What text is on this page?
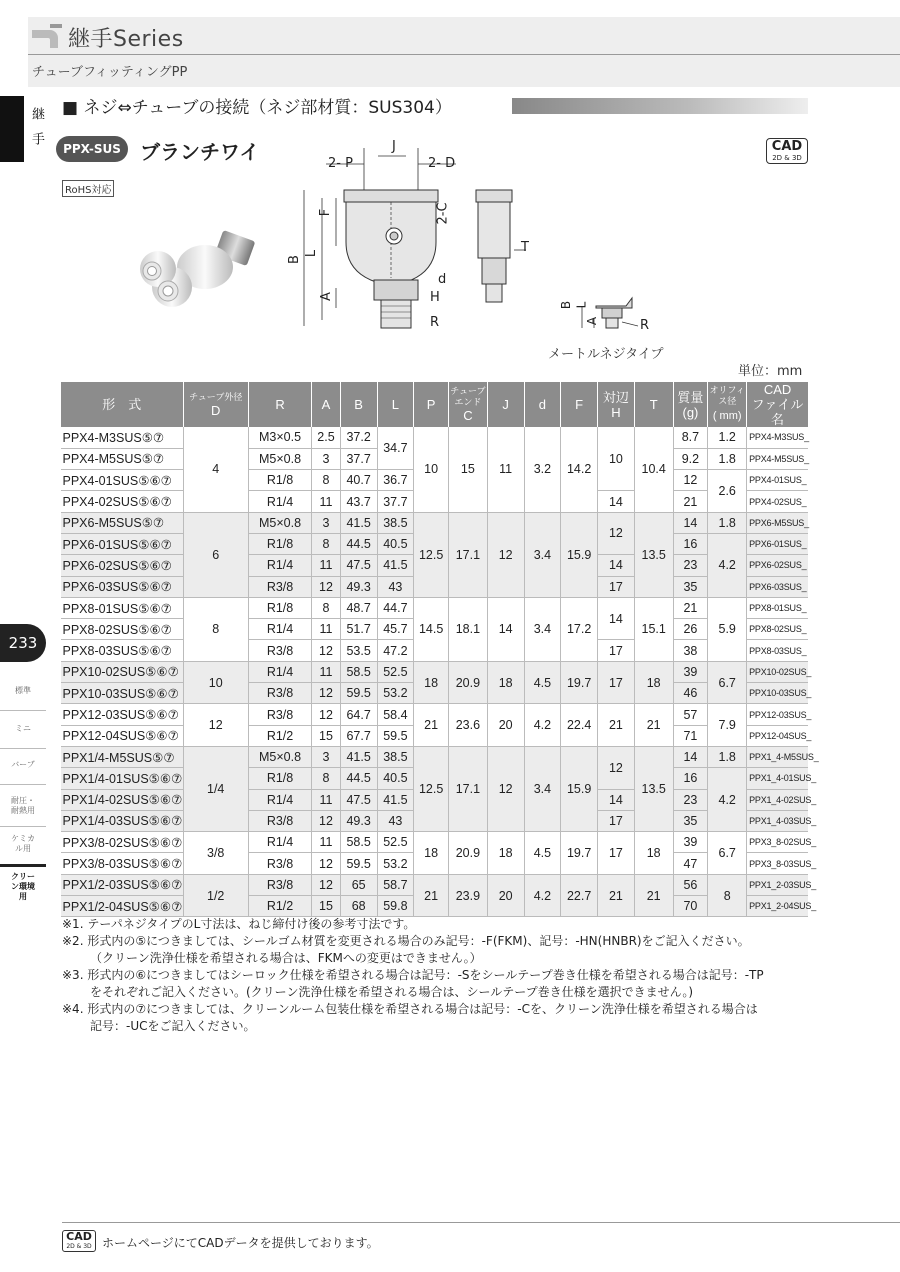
継手Series
チューブフィッティングPP
継手
233
標準
ミニ
バーブ
耐圧・耐熱用
ケミカル用
クリーン環境用
■ ネジ⇔チューブの接続（ネジ部材質：SUS304）
PPX-SUS ブランチワイ
RoHS対応
CAD
2D & 3D
2- P
J
2- D
F	2-C
B
L
A
d
H
R
T
B L
A	R
メートルネジタイプ
単位：mm
形　式	チューブ外径
D	R	A	B	L	P	チューブエンド
C	J	d	F	対辺
H	T	質量
(g)	オリフィス径
( mm)	CAD
ファイル名
PPX4-M3SUS⑤⑦	4	M3×0.5	2.5	37.2	34.7	10	15	11	3.2	14.2	10	10.4	8.7	1.2	PPX4-M3SUS_
PPX4-M5SUS⑤⑦		M5×0.8	3	37.7									9.2	1.8	PPX4-M5SUS_
PPX4-01SUS⑤⑥⑦		R1/8	8	40.7	36.7								12	2.6	PPX4-01SUS_
PPX4-02SUS⑤⑥⑦		R1/4	11	43.7	37.7						14		21		PPX4-02SUS_
PPX6-M5SUS⑤⑦	6	M5×0.8	3	41.5	38.5	12.5	17.1	12	3.4	15.9	12	13.5	14	1.8	PPX6-M5SUS_
PPX6-01SUS⑤⑥⑦		R1/8	8	44.5	40.5								16	4.2	PPX6-01SUS_
PPX6-02SUS⑤⑥⑦		R1/4	11	47.5	41.5						14		23		PPX6-02SUS_
PPX6-03SUS⑤⑥⑦		R3/8	12	49.3	43						17		35		PPX6-03SUS_
PPX8-01SUS⑤⑥⑦	8	R1/8	8	48.7	44.7	14.5	18.1	14	3.4	17.2	14	15.1	21	5.9	PPX8-01SUS_
PPX8-02SUS⑤⑥⑦		R1/4	11	51.7	45.7								26		PPX8-02SUS_
PPX8-03SUS⑤⑥⑦		R3/8	12	53.5	47.2						17		38		PPX8-03SUS_
PPX10-02SUS⑤⑥⑦	10	R1/4	11	58.5	52.5	18	20.9	18	4.5	19.7	17	18	39	6.7	PPX10-02SUS_
PPX10-03SUS⑤⑥⑦		R3/8	12	59.5	53.2								46		PPX10-03SUS_
PPX12-03SUS⑤⑥⑦	12	R3/8	12	64.7	58.4	21	23.6	20	4.2	22.4	21	21	57	7.9	PPX12-03SUS_
PPX12-04SUS⑤⑥⑦		R1/2	15	67.7	59.5								71		PPX12-04SUS_
PPX1/4-M5SUS⑤⑦	1/4	M5×0.8	3	41.5	38.5	12.5	17.1	12	3.4	15.9	12	13.5	14	1.8	PPX1_4-M5SUS_
PPX1/4-01SUS⑤⑥⑦		R1/8	8	44.5	40.5								16	4.2	PPX1_4-01SUS_
PPX1/4-02SUS⑤⑥⑦		R1/4	11	47.5	41.5						14		23		PPX1_4-02SUS_
PPX1/4-03SUS⑤⑥⑦		R3/8	12	49.3	43						17		35		PPX1_4-03SUS_
PPX3/8-02SUS⑤⑥⑦	3/8	R1/4	11	58.5	52.5	18	20.9	18	4.5	19.7	17	18	39	6.7	PPX3_8-02SUS_
PPX3/8-03SUS⑤⑥⑦		R3/8	12	59.5	53.2								47		PPX3_8-03SUS_
PPX1/2-03SUS⑤⑥⑦	1/2	R3/8	12	65	58.7	21	23.9	20	4.2	22.7	21	21	56	8	PPX1_2-03SUS_
PPX1/2-04SUS⑤⑥⑦		R1/2	15	68	59.8								70		PPX1_2-04SUS_

※1. テーパネジタイプのL寸法は、ねじ締付け後の参考寸法です。

※2. 形式内の⑤につきましては、シールゴム材質を変更される場合のみ記号：-F(FKM)、記号：-HN(HNBR)をご記入ください。

（クリーン洗浄仕様を希望される場合は、FKMへの変更はできません。）

※3. 形式内の⑥につきましてはシーロック仕様を希望される場合は記号：-Sをシールテープ巻き仕様を希望される場合は記号：-TP

をそれぞれご記入ください。(クリーン洗浄仕様を希望される場合は、シールテープ巻き仕様を選択できません。)

※4. 形式内の⑦につきましては、クリーンルーム包装仕様を希望される場合は記号：-Cを、クリーン洗浄仕様を希望される場合は

記号：-UCをご記入ください。

CAD
2D & 3D ホームページにてCADデータを提供しております。
